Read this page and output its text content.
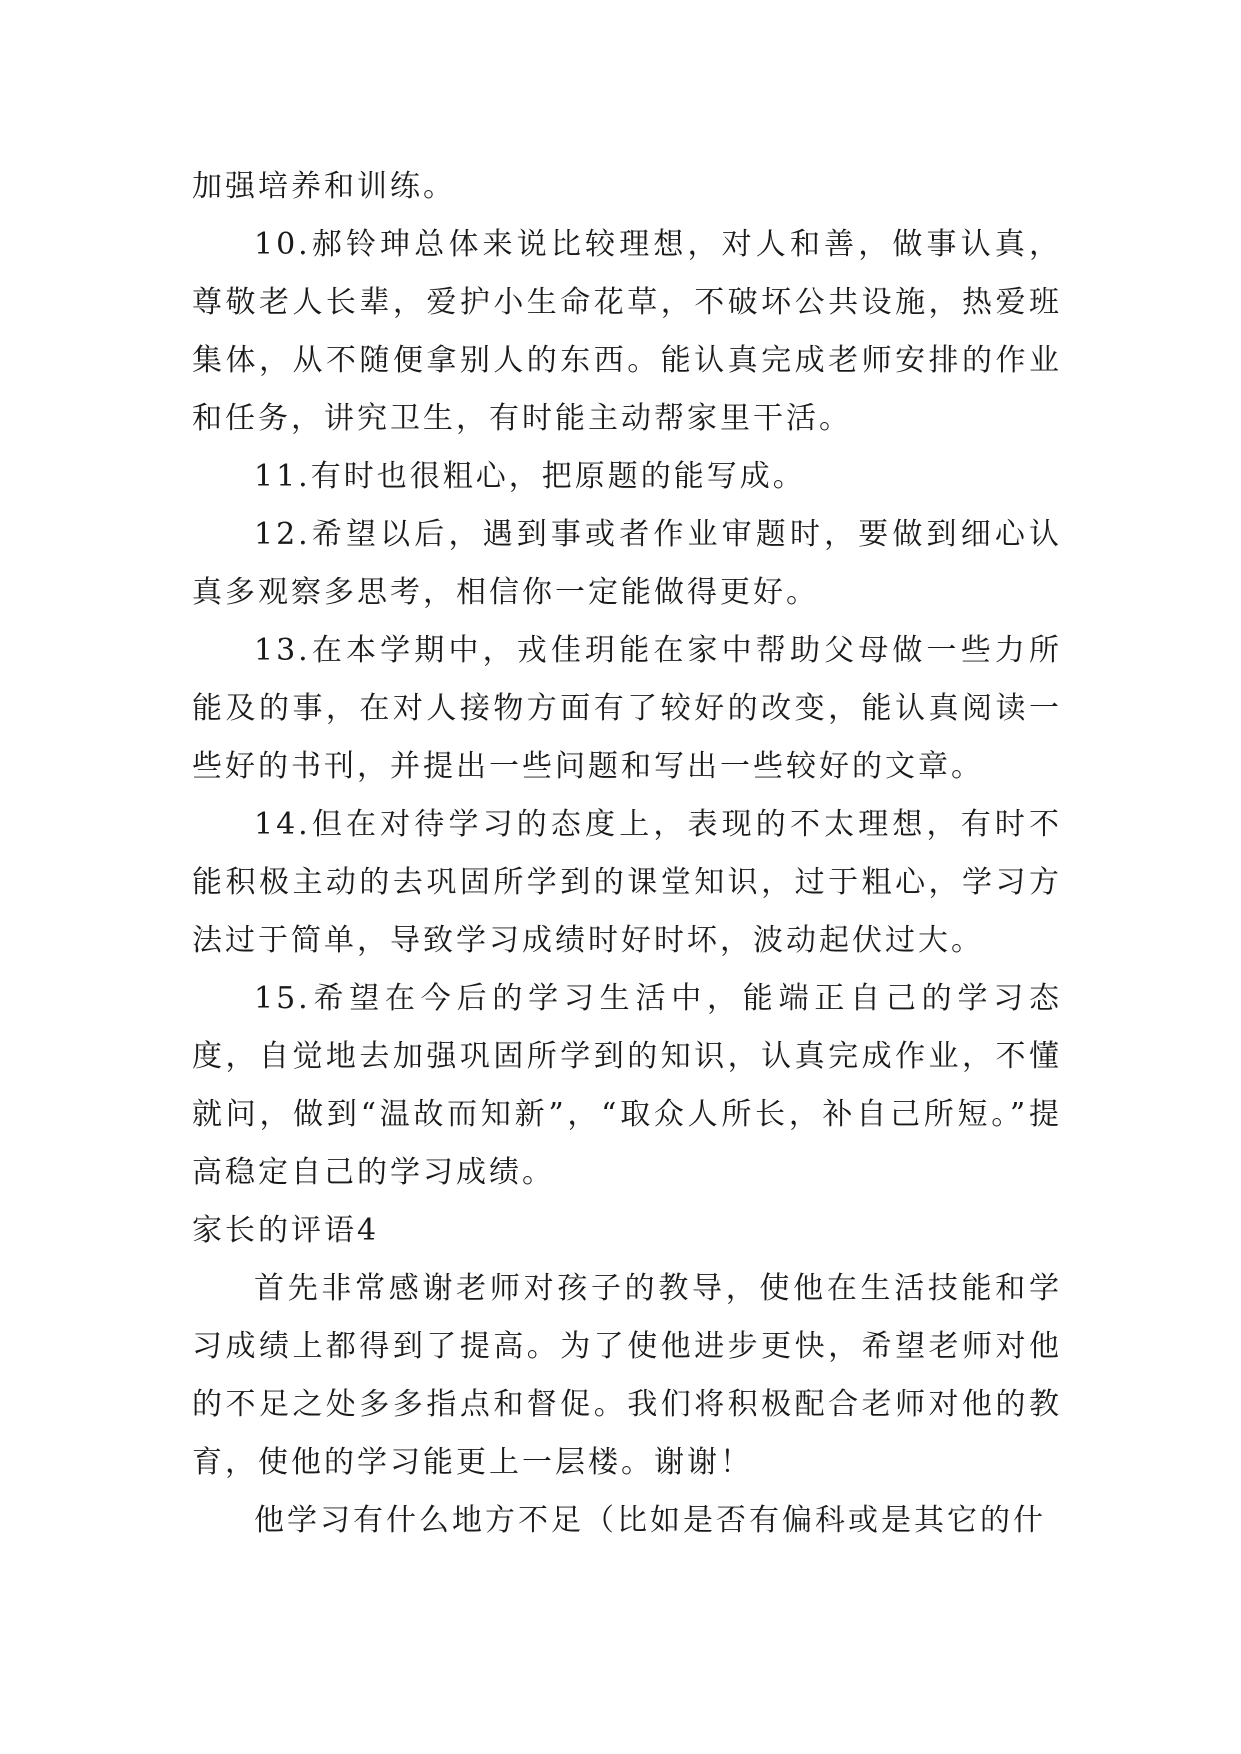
加强培养和训练。

10.郝铃珅总体来说比较理想，对人和善，做事认真，尊敬老人长辈，爱护小生命花草，不破坏公共设施，热爱班集体，从不随便拿别人的东西。能认真完成老师安排的作业和任务，讲究卫生，有时能主动帮家里干活。

11.有时也很粗心，把原题的能写成。

12.希望以后，遇到事或者作业审题时，要做到细心认真多观察多思考，相信你一定能做得更好。

13.在本学期中，戎佳玥能在家中帮助父母做一些力所能及的事，在对人接物方面有了较好的改变，能认真阅读一些好的书刊，并提出一些问题和写出一些较好的文章。

14.但在对待学习的态度上，表现的不太理想，有时不能积极主动的去巩固所学到的课堂知识，过于粗心，学习方法过于简单，导致学习成绩时好时坏，波动起伏过大。

15.希望在今后的学习生活中，能端正自己的学习态度，自觉地去加强巩固所学到的知识，认真完成作业，不懂就问，做到“温故而知新”，“取众人所长，补自己所短。”提高稳定自己的学习成绩。

家长的评语4

首先非常感谢老师对孩子的教导，使他在生活技能和学习成绩上都得到了提高。为了使他进步更快，希望老师对他的不足之处多多指点和督促。我们将积极配合老师对他的教育，使他的学习能更上一层楼。谢谢！

他学习有什么地方不足（比如是否有偏科或是其它的什
